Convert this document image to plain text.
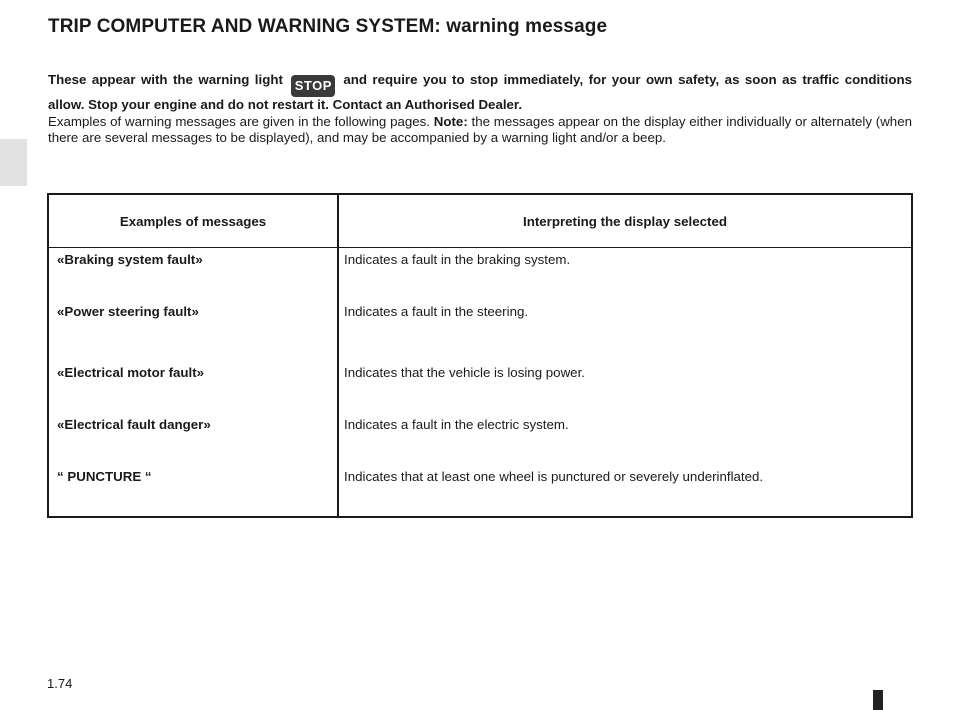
TRIP COMPUTER AND WARNING SYSTEM: warning message

These appear with the warning light STOP and require you to stop immediately, for your own safety, as soon as traffic conditions allow. Stop your engine and do not restart it. Contact an Authorised Dealer.

Examples of warning messages are given in the following pages. Note: the messages appear on the display either individually or alternately (when there are several messages to be displayed), and may be accompanied by a warning light and/or a beep.

Examples of messages	Interpreting the display selected
«Braking system fault»	Indicates a fault in the braking system.
«Power steering fault»	Indicates a fault in the steering.
«Electrical motor fault»	Indicates that the vehicle is losing power.
«Electrical fault danger»	Indicates a fault in the electric system.
“ PUNCTURE “	Indicates that at least one wheel is punctured or severely underinflated.
1.74
